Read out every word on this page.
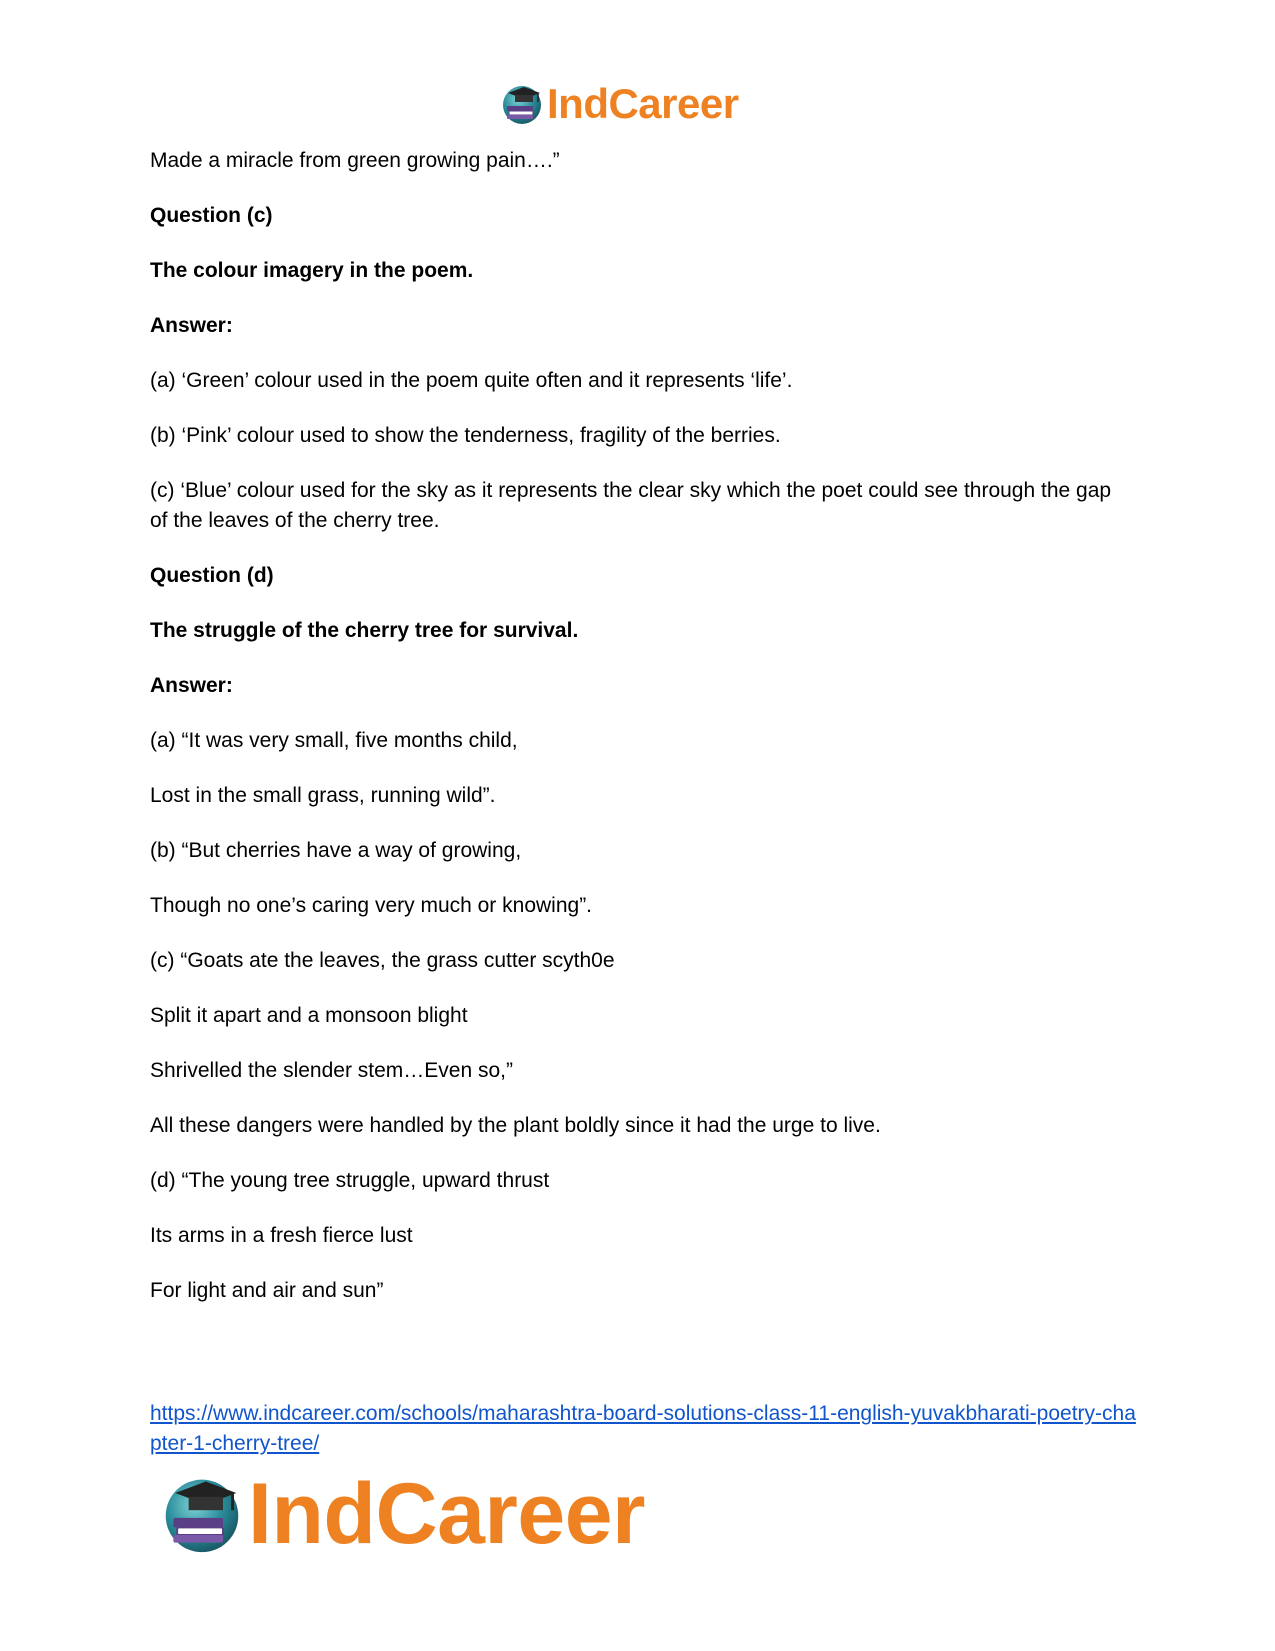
IndCareer

Made a miracle from green growing pain….”

Question (c)

The colour imagery in the poem.

Answer:

(a) ‘Green’ colour used in the poem quite often and it represents ‘life’.

(b) ‘Pink’ colour used to show the tenderness, fragility of the berries.

(c) ‘Blue’ colour used for the sky as it represents the clear sky which the poet could see through the gap of the leaves of the cherry tree.

Question (d)

The struggle of the cherry tree for survival.

Answer:

(a) “It was very small, five months child,

Lost in the small grass, running wild”.

(b) “But cherries have a way of growing,

Though no one’s caring very much or knowing”.

(c) “Goats ate the leaves, the grass cutter scyth0e

Split it apart and a monsoon blight

Shrivelled the slender stem…Even so,”

All these dangers were handled by the plant boldly since it had the urge to live.

(d) “The young tree struggle, upward thrust

Its arms in a fresh fierce lust

For light and air and sun”

https://www.indcareer.com/schools/maharashtra-board-solutions-class-11-english-yuvakbharati-poetry-chapter-1-cherry-tree/
IndCareer
